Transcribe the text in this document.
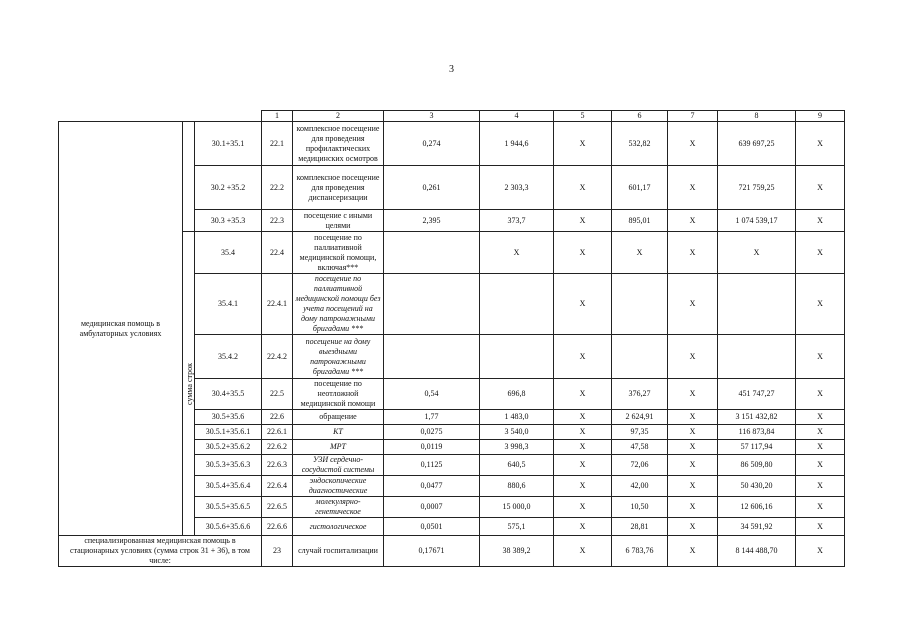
3
			1	2	3	4	5	6	7	8	9
медицинская помощь в амбулаторных условиях		30.1+35.1	22.1	комплексное посещение для проведения профилактических медицинских осмотров	0,274	1 944,6	X	532,82	X	639 697,25	X
		30.2 +35.2	22.2	комплексное посещение для проведения диспансеризации	0,261	2 303,3	X	601,17	X	721 759,25	X
		30.3 +35.3	22.3	посещение с иными целями	2,395	373,7	X	895,01	X	1 074 539,17	X

	сумма строк	35.4	22.4	посещение по паллиативной медицинской помощи, включая***		X	X	X	X	X	X
		35.4.1	22.4.1	посещение по паллиативной медицинской помощи без учета посещений на дому патронажными бригадами ***			X		X		X
		35.4.2	22.4.2	посещение на дому выездными патронажными бригадами ***			X		X		X
		30.4+35.5	22.5	посещение по неотложной медицинской помощи	0,54	696,8	X	376,27	X	451 747,27	X
		30.5+35.6	22.6	обращение	1,77	1 483,0	X	2 624,91	X	3 151 432,82	X
		30.5.1+35.6.1	22.6.1	КТ	0,0275	3 540,0	X	97,35	X	116 873,84	X
		30.5.2+35.6.2	22.6.2	МРТ	0,0119	3 998,3	X	47,58	X	57 117,94	X
		30.5.3+35.6.3	22.6.3	УЗИ сердечно-сосудистой системы	0,1125	640,5	X	72,06	X	86 509,80	X
		30.5.4+35.6.4	22.6.4	эндоскопические диагностические	0,0477	880,6	X	42,00	X	50 430,20	X
		30.5.5+35.6.5	22.6.5	молекулярно-генетическое	0,0007	15 000,0	X	10,50	X	12 606,16	X
		30.5.6+35.6.6	22.6.6	гистологическое	0,0501	575,1	X	28,81	X	34 591,92	X
специализированная медицинская помощь в стационарных условиях (сумма строк 31 + 36), в том числе:			23	случай госпитализации	0,17671	38 389,2	X	6 783,76	X	8 144 488,70	X
